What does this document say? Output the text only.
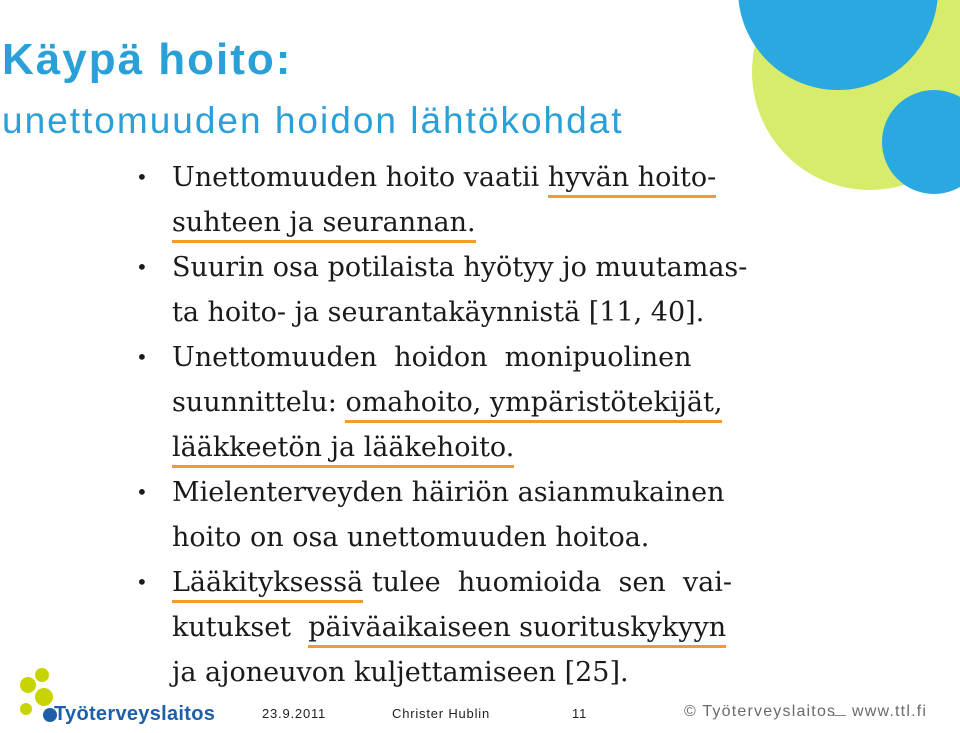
Käypä hoito:
unettomuuden hoidon lähtökohdat
• Unettomuuden hoito vaatii hyvän hoito-
suhteen ja seurannan.
• Suurin osa potilaista hyötyy jo muutamas-
ta hoito- ja seurantakäynnistä [11, 40].
• Unettomuuden  hoidon  monipuolinen
suunnittelu: omahoito, ympäristötekijät,
lääkkeetön ja lääkehoito.
• Mielenterveyden häiriön asianmukainen
hoito on osa unettomuuden hoitoa.
• Lääkityksessä tulee  huomioida  sen  vai-
kutukset  päiväaikaiseen suorituskykyyn
ja ajoneuvon kuljettamiseen [25].
Työterveyslaitos	23.9.2011	Christer Hublin	11	© Työterveyslaitos www.ttl.fi
